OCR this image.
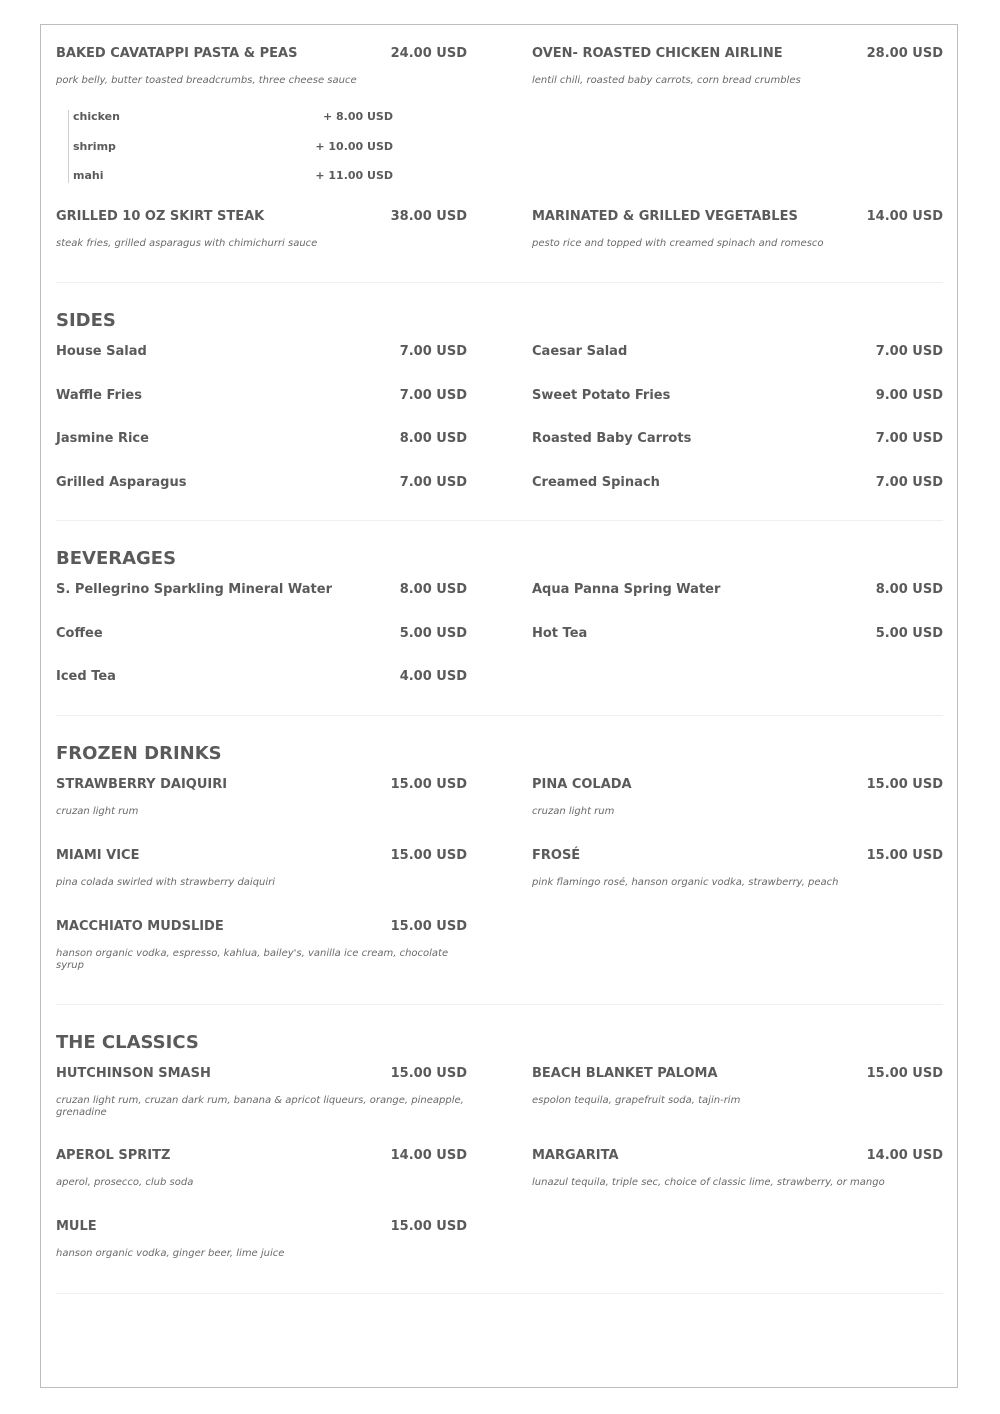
BAKED CAVATAPPI PASTA & PEAS	24.00 USD
pork belly, butter toasted breadcrumbs, three cheese sauce
OVEN- ROASTED CHICKEN AIRLINE	28.00 USD
lentil chili, roasted baby carrots, corn bread crumbles
chicken	+ 8.00 USD
shrimp	+ 10.00 USD
mahi	+ 11.00 USD
GRILLED 10 OZ SKIRT STEAK	38.00 USD
steak fries, grilled asparagus with chimichurri sauce
MARINATED & GRILLED VEGETABLES	14.00 USD
pesto rice and topped with creamed spinach and romesco
SIDES
House Salad	7.00 USD	Caesar Salad	7.00 USD
Waffle Fries	7.00 USD	Sweet Potato Fries	9.00 USD
Jasmine Rice	8.00 USD	Roasted Baby Carrots	7.00 USD
Grilled Asparagus	7.00 USD	Creamed Spinach	7.00 USD
BEVERAGES
S. Pellegrino Sparkling Mineral Water	8.00 USD	Aqua Panna Spring Water	8.00 USD
Coffee	5.00 USD	Hot Tea	5.00 USD
Iced Tea	4.00 USD
FROZEN DRINKS
STRAWBERRY DAIQUIRI	15.00 USD
cruzan light rum
PINA COLADA	15.00 USD
cruzan light rum
MIAMI VICE	15.00 USD
pina colada swirled with strawberry daiquiri
FROSÉ	15.00 USD
pink flamingo rosé, hanson organic vodka, strawberry, peach
MACCHIATO MUDSLIDE	15.00 USD
hanson organic vodka, espresso, kahlua, bailey's, vanilla ice cream, chocolate syrup
THE CLASSICS
HUTCHINSON SMASH	15.00 USD
cruzan light rum, cruzan dark rum, banana & apricot liqueurs, orange, pineapple, grenadine
BEACH BLANKET PALOMA	15.00 USD
espolon tequila, grapefruit soda, tajin-rim
APEROL SPRITZ	14.00 USD
aperol, prosecco, club soda
MARGARITA	14.00 USD
lunazul tequila, triple sec, choice of classic lime, strawberry, or mango
MULE	15.00 USD
hanson organic vodka, ginger beer, lime juice
